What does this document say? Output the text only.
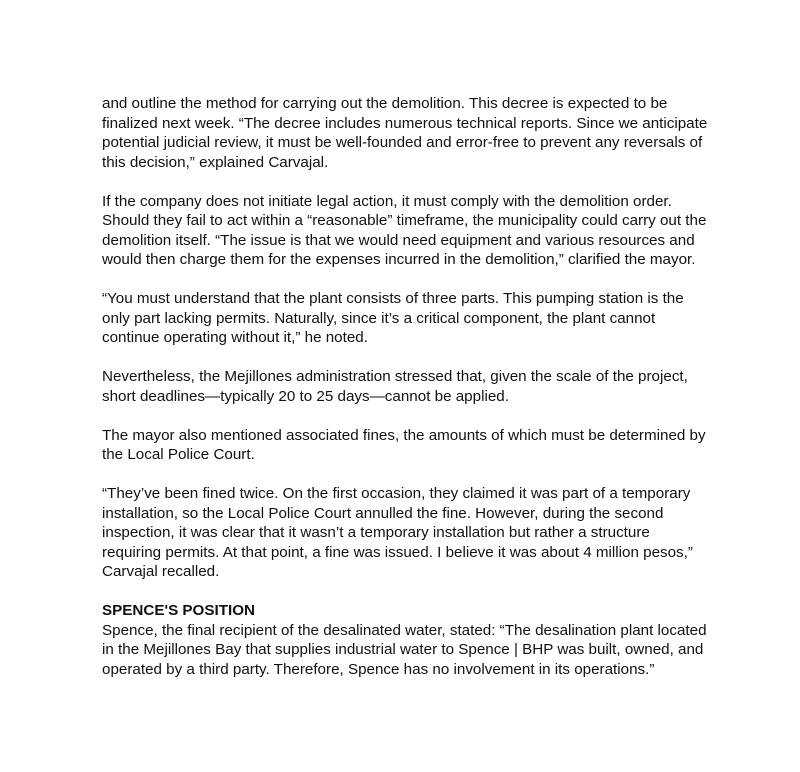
and outline the method for carrying out the demolition. This decree is expected to be finalized next week. “The decree includes numerous technical reports. Since we anticipate potential judicial review, it must be well-founded and error-free to prevent any reversals of this decision,” explained Carvajal.

If the company does not initiate legal action, it must comply with the demolition order. Should they fail to act within a “reasonable” timeframe, the municipality could carry out the demolition itself. “The issue is that we would need equipment and various resources and would then charge them for the expenses incurred in the demolition,” clarified the mayor.

“You must understand that the plant consists of three parts. This pumping station is the only part lacking permits. Naturally, since it’s a critical component, the plant cannot continue operating without it,” he noted.

Nevertheless, the Mejillones administration stressed that, given the scale of the project, short deadlines—typically 20 to 25 days—cannot be applied.

The mayor also mentioned associated fines, the amounts of which must be determined by the Local Police Court.

“They’ve been fined twice. On the first occasion, they claimed it was part of a temporary installation, so the Local Police Court annulled the fine. However, during the second inspection, it was clear that it wasn’t a temporary installation but rather a structure requiring permits. At that point, a fine was issued. I believe it was about 4 million pesos,” Carvajal recalled.

SPENCE'S POSITION

Spence, the final recipient of the desalinated water, stated: “The desalination plant located in the Mejillones Bay that supplies industrial water to Spence | BHP was built, owned, and operated by a third party. Therefore, Spence has no involvement in its operations.”
